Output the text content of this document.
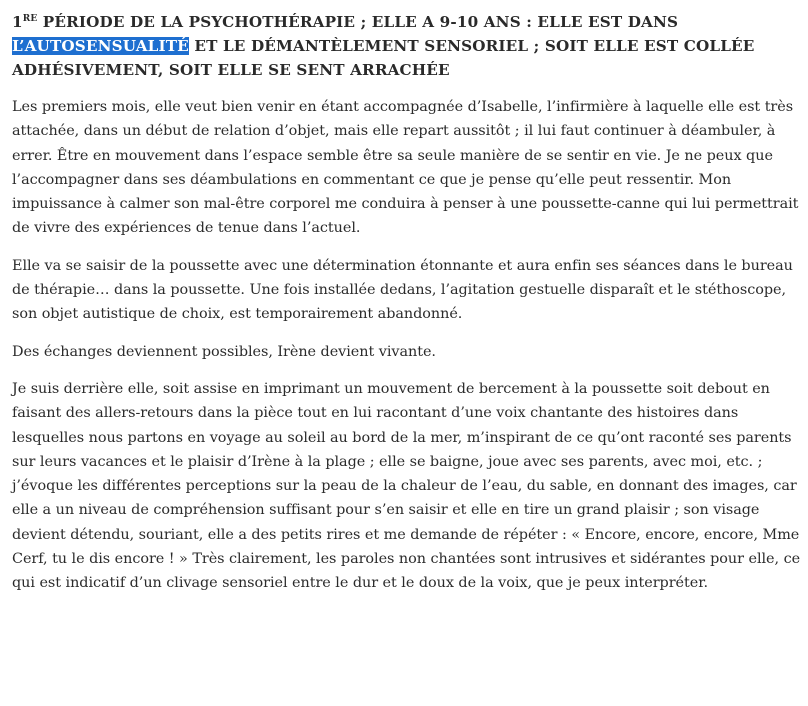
1RE PÉRIODE DE LA PSYCHOTHÉRAPIE ; ELLE A 9-10 ANS : ELLE EST DANS L’AUTOSENSUALITÉ ET LE DÉMANTÈLEMENT SENSORIEL ; SOIT ELLE EST COLLÉE ADHÉSIVEMENT, SOIT ELLE SE SENT ARRACHÉE

Les premiers mois, elle veut bien venir en étant accompagnée d’Isabelle, l’infirmière à laquelle elle est très attachée, dans un début de relation d’objet, mais elle repart aussitôt ; il lui faut continuer à déambuler, à errer. Être en mouvement dans l’espace semble être sa seule manière de se sentir en vie. Je ne peux que l’accompagner dans ses déambulations en commentant ce que je pense qu’elle peut ressentir. Mon impuissance à calmer son mal-être corporel me conduira à penser à une poussette-canne qui lui permettrait de vivre des expériences de tenue dans l’actuel.

Elle va se saisir de la poussette avec une détermination étonnante et aura enfin ses séances dans le bureau de thérapie… dans la poussette. Une fois installée dedans, l’agitation gestuelle disparaît et le stéthoscope, son objet autistique de choix, est temporairement abandonné.

Des échanges deviennent possibles, Irène devient vivante.

Je suis derrière elle, soit assise en imprimant un mouvement de bercement à la poussette soit debout en faisant des allers-retours dans la pièce tout en lui racontant d’une voix chantante des histoires dans lesquelles nous partons en voyage au soleil au bord de la mer, m’inspirant de ce qu’ont raconté ses parents sur leurs vacances et le plaisir d’Irène à la plage ; elle se baigne, joue avec ses parents, avec moi, etc. ; j’évoque les différentes perceptions sur la peau de la chaleur de l’eau, du sable, en donnant des images, car elle a un niveau de compréhension suffisant pour s’en saisir et elle en tire un grand plaisir ; son visage devient détendu, souriant, elle a des petits rires et me demande de répéter : « Encore, encore, encore, Mme Cerf, tu le dis encore ! » Très clairement, les paroles non chantées sont intrusives et sidérantes pour elle, ce qui est indicatif d’un clivage sensoriel entre le dur et le doux de la voix, que je peux interpréter.
